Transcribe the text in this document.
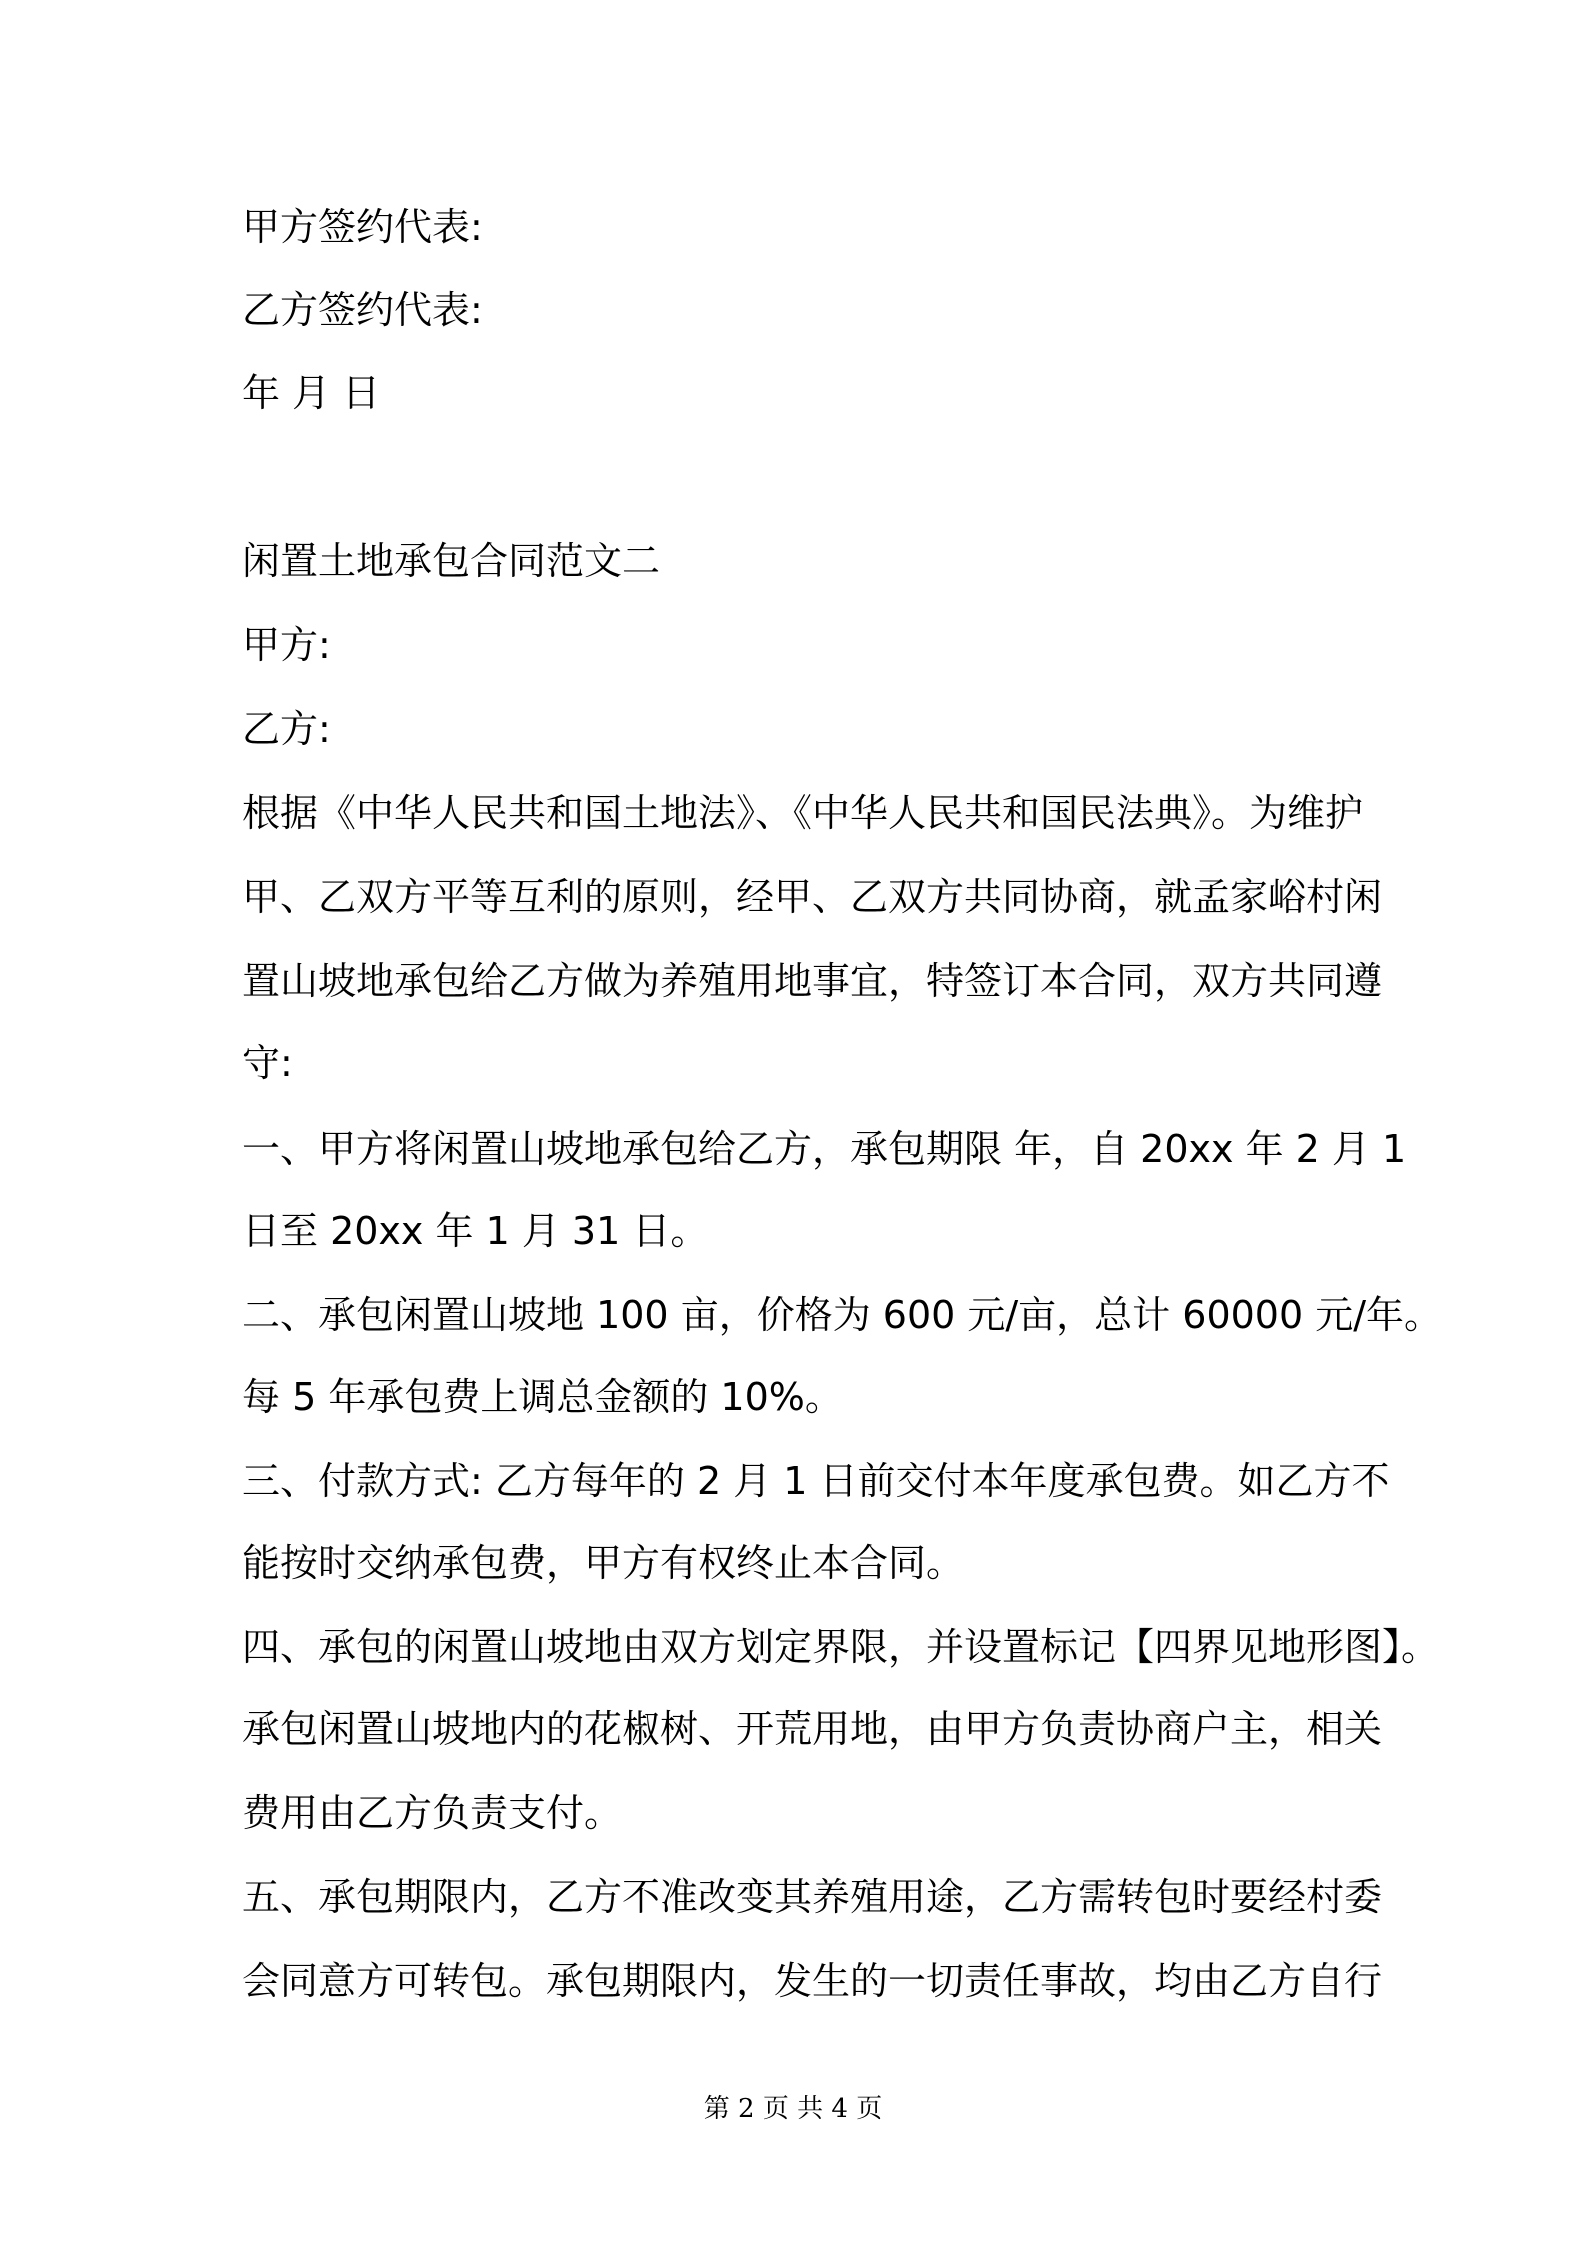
甲方签约代表:
乙方签约代表:
年 月 日
闲置土地承包合同范文二
甲方:
乙方:
根据《中华人民共和国土地法》、《中华人民共和国民法典》。为维护
甲、乙双方平等互利的原则，经甲、乙双方共同协商，就孟家峪村闲
置山坡地承包给乙方做为养殖用地事宜，特签订本合同，双方共同遵
守:
一、甲方将闲置山坡地承包给乙方，承包期限 年，自 20xx 年 2 月 1
日至 20xx 年 1 月 31 日。
二、承包闲置山坡地 100 亩，价格为 600 元/亩，总计 60000 元/年。
每 5 年承包费上调总金额的 10%。
三、付款方式: 乙方每年的 2 月 1 日前交付本年度承包费。如乙方不
能按时交纳承包费，甲方有权终止本合同。
四、承包的闲置山坡地由双方划定界限，并设置标记【四界见地形图】。
承包闲置山坡地内的花椒树、开荒用地，由甲方负责协商户主，相关
费用由乙方负责支付。
五、承包期限内，乙方不准改变其养殖用途，乙方需转包时要经村委
会同意方可转包。承包期限内，发生的一切责任事故，均由乙方自行
第 2 页 共 4 页
